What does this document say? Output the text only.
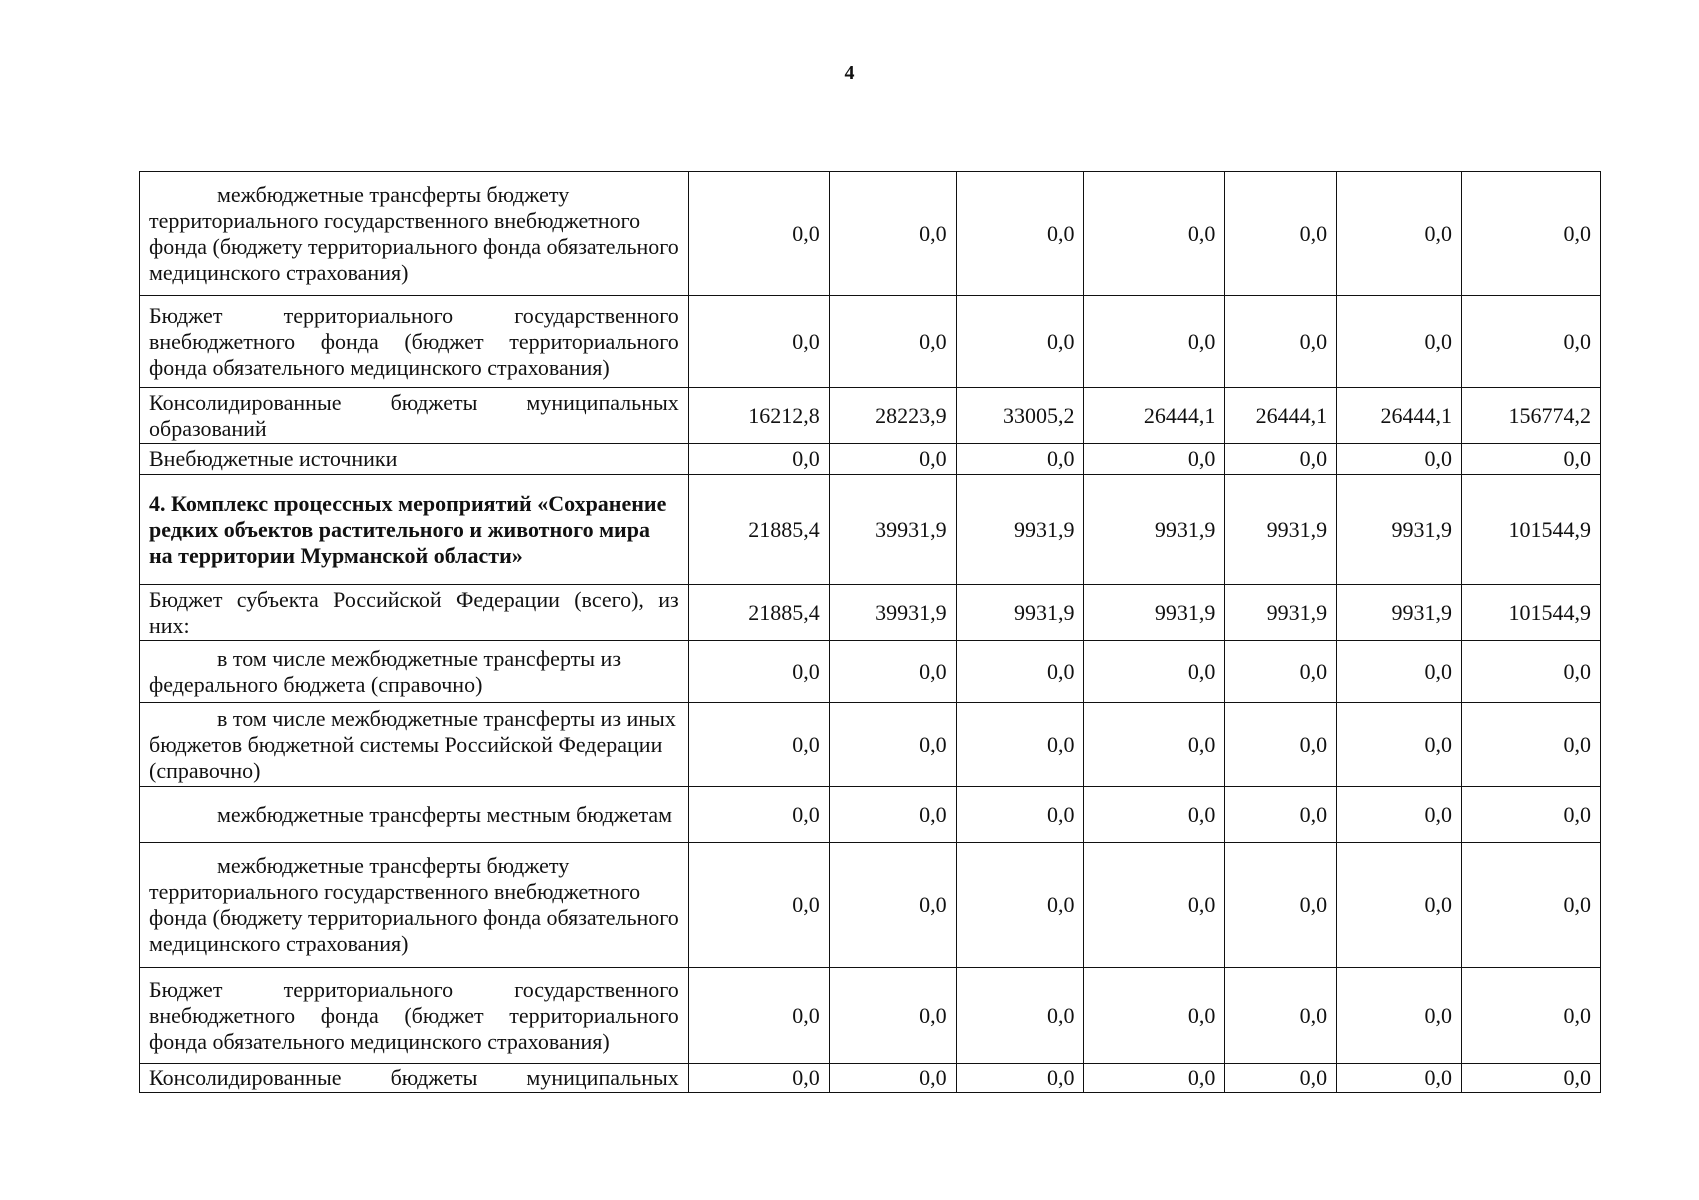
4
межбюджетные трансферты бюджету территориального государственного внебюджетного фонда (бюджету территориального фонда обязательного медицинского страхования)	0,0	0,0	0,0	0,0	0,0	0,0	0,0
Бюджет территориального государственного внебюджетного фонда (бюджет территориального фонда обязательного медицинского страхования)	0,0	0,0	0,0	0,0	0,0	0,0	0,0
Консолидированные бюджеты муниципальных образований	16212,8	28223,9	33005,2	26444,1	26444,1	26444,1	156774,2
Внебюджетные источники	0,0	0,0	0,0	0,0	0,0	0,0	0,0
4. Комплекс процессных мероприятий «Сохранение редких объектов растительного и животного мира на территории Мурманской области»	21885,4	39931,9	9931,9	9931,9	9931,9	9931,9	101544,9
Бюджет субъекта Российской Федерации (всего), из них:	21885,4	39931,9	9931,9	9931,9	9931,9	9931,9	101544,9
в том числе межбюджетные трансферты из федерального бюджета (справочно)	0,0	0,0	0,0	0,0	0,0	0,0	0,0
в том числе межбюджетные трансферты из иных бюджетов бюджетной системы Российской Федерации (справочно)	0,0	0,0	0,0	0,0	0,0	0,0	0,0
межбюджетные трансферты местным бюджетам	0,0	0,0	0,0	0,0	0,0	0,0	0,0
межбюджетные трансферты бюджету территориального государственного внебюджетного фонда (бюджету территориального фонда обязательного медицинского страхования)	0,0	0,0	0,0	0,0	0,0	0,0	0,0
Бюджет территориального государственного внебюджетного фонда (бюджет территориального фонда обязательного медицинского страхования)	0,0	0,0	0,0	0,0	0,0	0,0	0,0
Консолидированные бюджеты муниципальных	0,0	0,0	0,0	0,0	0,0	0,0	0,0
